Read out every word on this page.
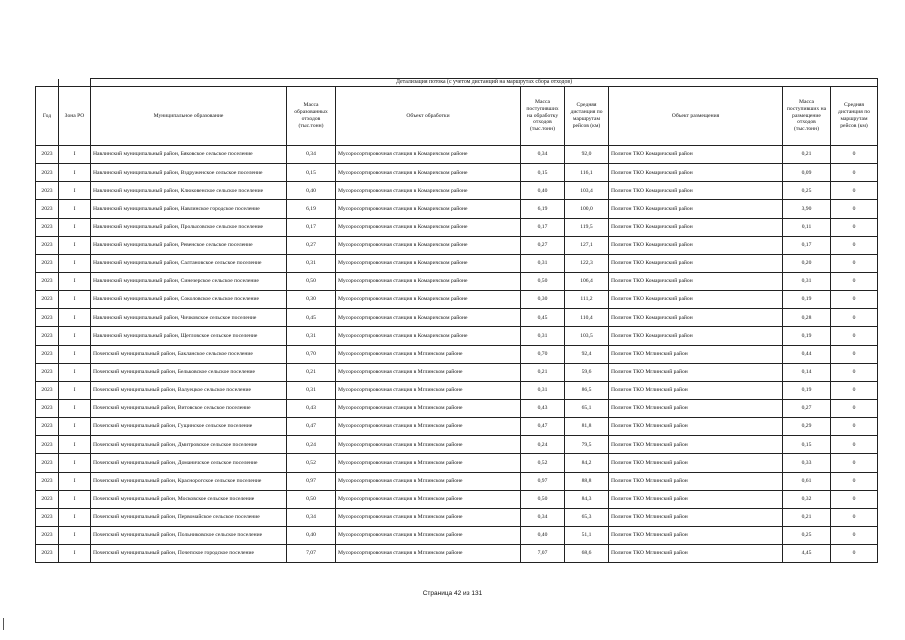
		Детализация потока (с учетом дистанций на маршрутах сбора отходов)							
Год	Зона РО	Муниципальное образование	Масса образованных отходов (тыс.тонн)	Объект обработки	Масса поступивших на обработку отходов (тыс.тонн)	Средняя дистанция по маршрутам рейсов (км)	Объект размещения	Масса поступивших на размещение отходов (тыс.тонн)	Средняя дистанция по маршрутам рейсов (км)
2023	I	Навлинский муниципальный район, Бяковское сельское поселение	0,34	Мусоросортировочная станция в Комаричском районе	0,34	92,0	Полигон ТКО Комаричский район	0,21	0
2023	I	Навлинский муниципальный район, Вздруженское сельское поселение	0,15	Мусоросортировочная станция в Комаричском районе	0,15	116,1	Полигон ТКО Комаричский район	0,09	0
2023	I	Навлинский муниципальный район, Клюковенское сельское поселение	0,40	Мусоросортировочная станция в Комаричском районе	0,40	103,4	Полигон ТКО Комаричский район	0,25	0
2023	I	Навлинский муниципальный район, Навлинское городское поселение	6,19	Мусоросортировочная станция в Комаричском районе	6,19	100,0	Полигон ТКО Комаричский район	3,90	0
2023	I	Навлинский муниципальный район, Пролысовское сельское поселение	0,17	Мусоросортировочная станция в Комаричском районе	0,17	119,5	Полигон ТКО Комаричский район	0,11	0
2023	I	Навлинский муниципальный район, Ревенское сельское поселение	0,27	Мусоросортировочная станция в Комаричском районе	0,27	127,1	Полигон ТКО Комаричский район	0,17	0
2023	I	Навлинский муниципальный район, Салтановское сельское поселение	0,31	Мусоросортировочная станция в Комаричском районе	0,31	122,3	Полигон ТКО Комаричский район	0,20	0
2023	I	Навлинский муниципальный район, Синезерское сельское поселение	0,50	Мусоросортировочная станция в Комаричском районе	0,50	106,4	Полигон ТКО Комаричский район	0,31	0
2023	I	Навлинский муниципальный район, Соколовское сельское поселение	0,30	Мусоросортировочная станция в Комаричском районе	0,30	111,2	Полигон ТКО Комаричский район	0,19	0
2023	I	Навлинский муниципальный район, Чичковское сельское поселение	0,45	Мусоросортировочная станция в Комаричском районе	0,45	110,4	Полигон ТКО Комаричский район	0,28	0
2023	I	Навлинский муниципальный район, Щегловское сельское поселение	0,31	Мусоросортировочная станция в Комаричском районе	0,31	103,5	Полигон ТКО Комаричский район	0,19	0
2023	I	Почепский муниципальный район, Бакланское сельское поселение	0,70	Мусоросортировочная станция в Мглинском районе	0,70	92,4	Полигон ТКО Мглинский район	0,44	0
2023	I	Почепский муниципальный район, Бельковское сельское поселение	0,21	Мусоросортировочная станция в Мглинском районе	0,21	59,6	Полигон ТКО Мглинский район	0,14	0
2023	I	Почепский муниципальный район, Валуецкое сельское поселение	0,31	Мусоросортировочная станция в Мглинском районе	0,31	86,5	Полигон ТКО Мглинский район	0,19	0
2023	I	Почепский муниципальный район, Витовское сельское поселение	0,43	Мусоросортировочная станция в Мглинском районе	0,43	65,1	Полигон ТКО Мглинский район	0,27	0
2023	I	Почепский муниципальный район, Гущинское сельское поселение	0,47	Мусоросортировочная станция в Мглинском районе	0,47	81,8	Полигон ТКО Мглинский район	0,29	0
2023	I	Почепский муниципальный район, Дмитровское сельское поселение	0,24	Мусоросортировочная станция в Мглинском районе	0,24	79,5	Полигон ТКО Мглинский район	0,15	0
2023	I	Почепский муниципальный район, Доманичское сельское поселение	0,52	Мусоросортировочная станция в Мглинском районе	0,52	84,2	Полигон ТКО Мглинский район	0,33	0
2023	I	Почепский муниципальный район, Краснорогское сельское поселение	0,97	Мусоросортировочная станция в Мглинском районе	0,97	88,8	Полигон ТКО Мглинский район	0,61	0
2023	I	Почепский муниципальный район, Московское сельское поселение	0,50	Мусоросортировочная станция в Мглинском районе	0,50	84,3	Полигон ТКО Мглинский район	0,32	0
2023	I	Почепский муниципальный район, Первомайское сельское поселение	0,34	Мусоросортировочная станция в Мглинском районе	0,34	65,3	Полигон ТКО Мглинский район	0,21	0
2023	I	Почепский муниципальный район, Польниковское сельское поселение	0,40	Мусоросортировочная станция в Мглинском районе	0,40	51,1	Полигон ТКО Мглинский район	0,25	0
2023	I	Почепский муниципальный район, Почепское городское поселение	7,07	Мусоросортировочная станция в Мглинском районе	7,07	68,6	Полигон ТКО Мглинский район	4,45	0
Страница 42 из 131
